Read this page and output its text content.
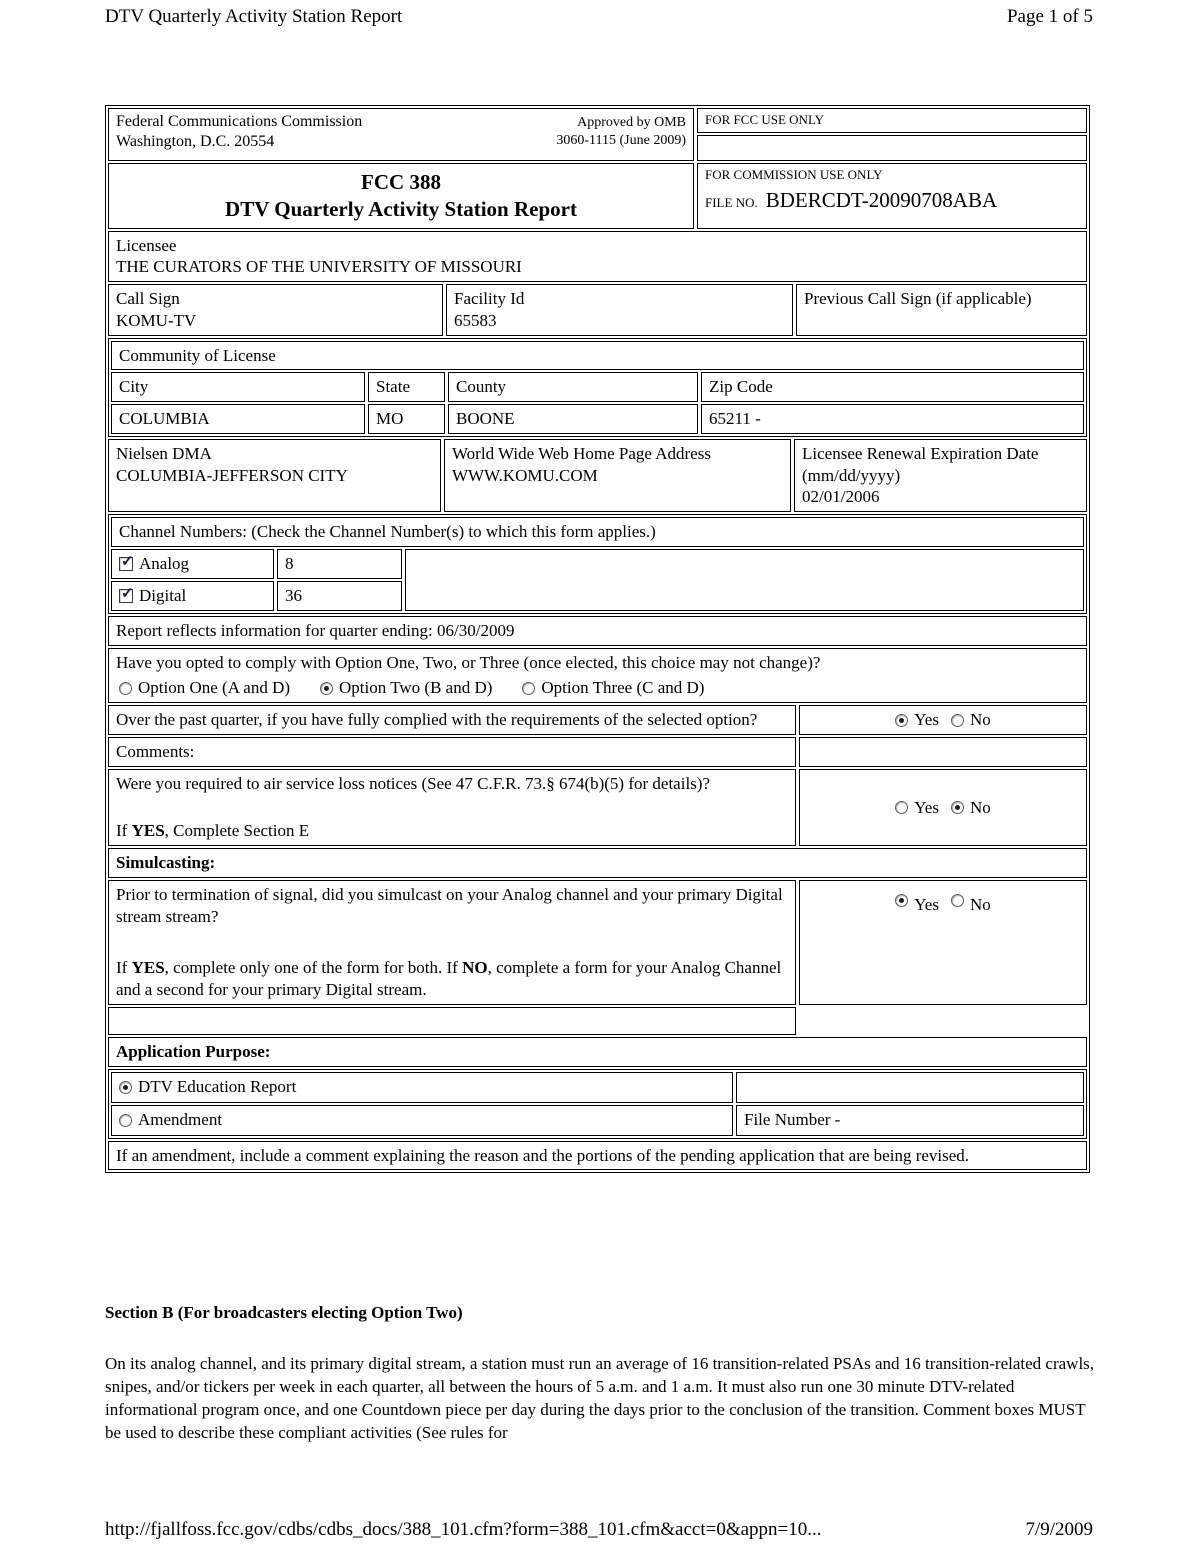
DTV Quarterly Activity Station Report	Page 1 of 5
Federal Communications Commission
Washington, D.C. 20554
Approved by OMB
3060-1115 (June 2009)
FOR FCC USE ONLY
FCC 388
DTV Quarterly Activity Station Report
FOR COMMISSION USE ONLY
FILE NO. BDERCDT-20090708ABA
Licensee
THE CURATORS OF THE UNIVERSITY OF MISSOURI
Call Sign
KOMU-TV
Facility Id
65583
Previous Call Sign (if applicable)
Community of License
City	State	County	Zip Code
COLUMBIA	MO	BOONE	65211 -
Nielsen DMA
COLUMBIA-JEFFERSON CITY
World Wide Web Home Page Address
WWW.KOMU.COM
Licensee Renewal Expiration Date (mm/dd/yyyy)
02/01/2006
Channel Numbers: (Check the Channel Number(s) to which this form applies.)
✓
Analog	8
✓
Digital	36
Report reflects information for quarter ending: 06/30/2009
Have you opted to comply with Option One, Two, or Three (once elected, this choice may not change)?
Option One (A and D)	Option Two (B and D)	Option Three (C and D)
Over the past quarter, if you have fully complied with the requirements of the selected option?	Yes No
Comments:
Were you required to air service loss notices (See 47 C.F.R. 73.§ 674(b)(5) for details)?
If YES, Complete Section E
Yes No
Simulcasting:
Prior to termination of signal, did you simulcast on your Analog channel and your primary Digital stream stream?
If YES, complete only one of the form for both. If NO, complete a form for your Analog Channel and a second for your primary Digital stream.
Yes No
Application Purpose:
DTV Education Report
Amendment	File Number -
If an amendment, include a comment explaining the reason and the portions of the pending application that are being revised.
Section B (For broadcasters electing Option Two)

On its analog channel, and its primary digital stream, a station must run an average of 16 transition-related PSAs and 16 transition-related crawls, snipes, and/or tickers per week in each quarter, all between the hours of 5 a.m. and 1 a.m. It must also run one 30 minute DTV-related informational program once, and one Countdown piece per day during the days prior to the conclusion of the transition. Comment boxes MUST be used to describe these compliant activities (See rules for

http://fjallfoss.fcc.gov/cdbs/cdbs_docs/388_101.cfm?form=388_101.cfm&acct=0&appn=10...	7/9/2009
